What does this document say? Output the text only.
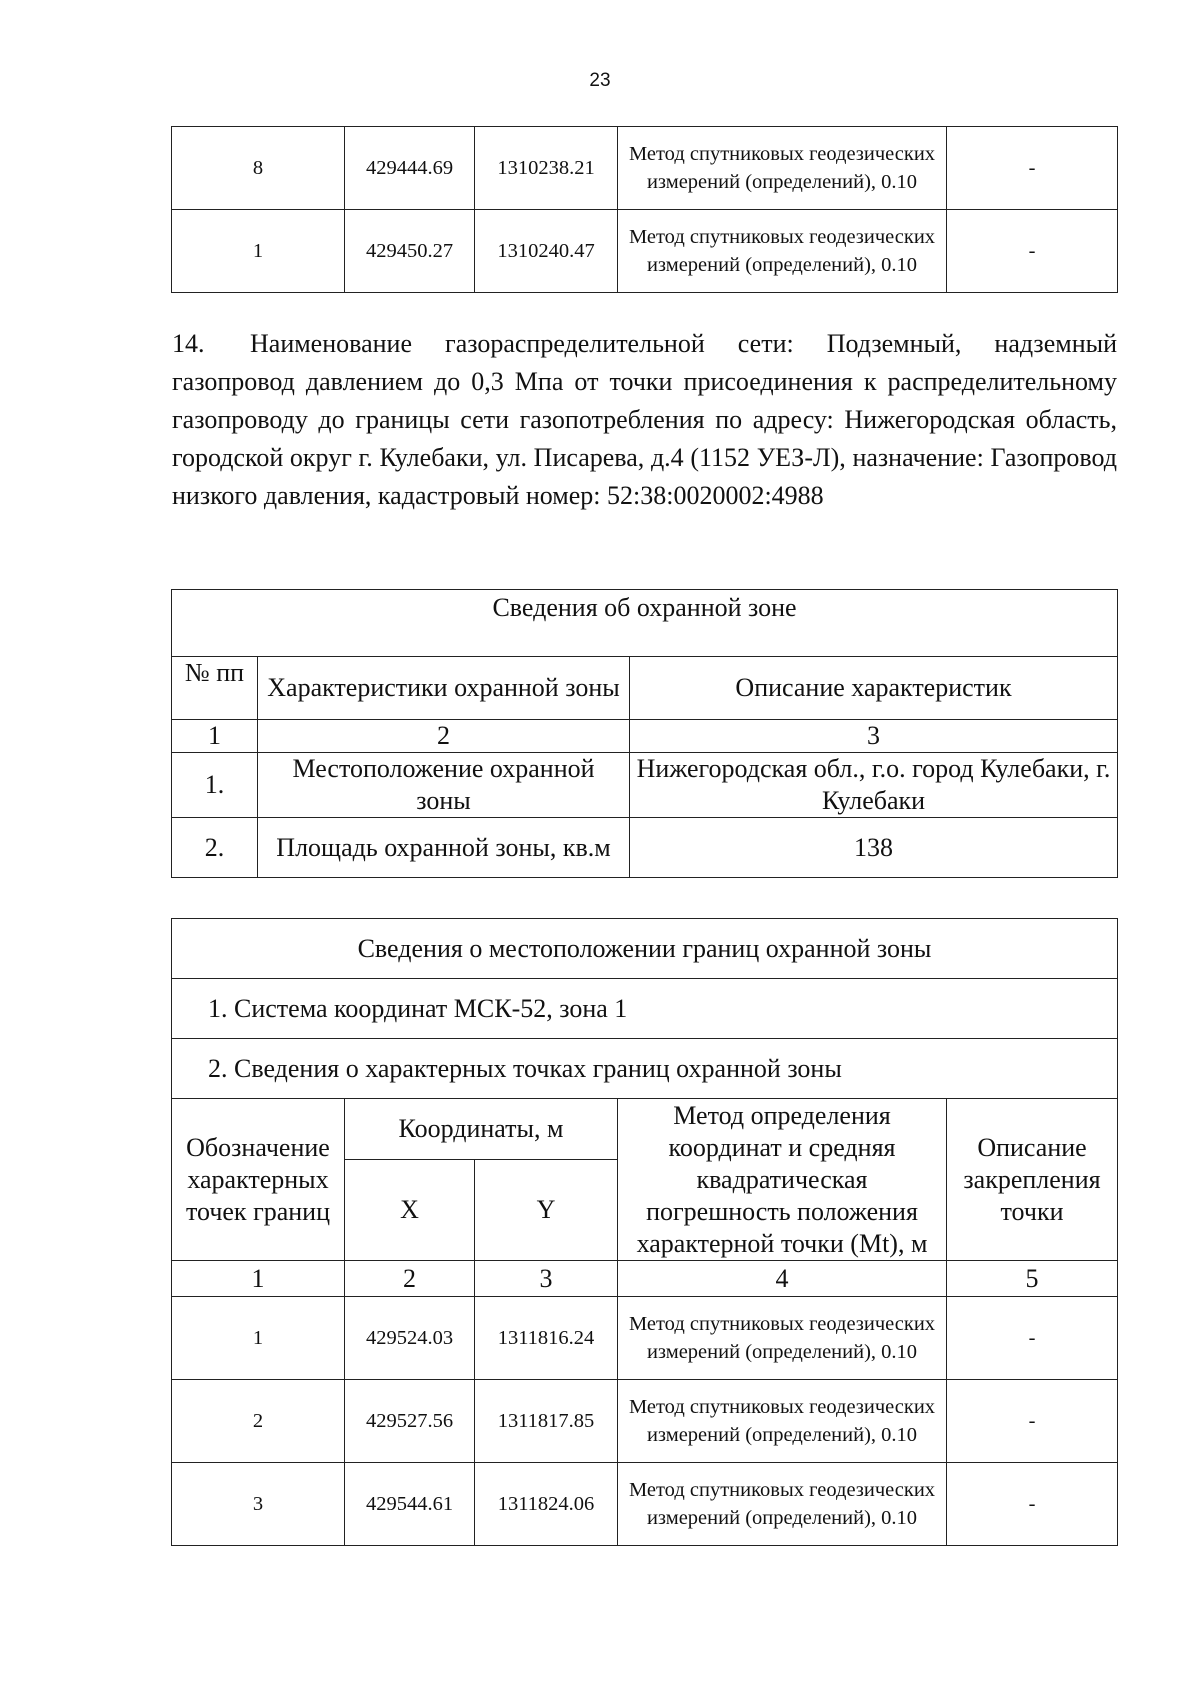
23
8	429444.69	1310238.21	Метод спутниковых геодезических измерений (определений), 0.10	-
1	429450.27	1310240.47	Метод спутниковых геодезических измерений (определений), 0.10	-
14. Наименование газораспределительной сети: Подземный, надземный газопровод давлением до 0,3 Мпа от точки присоединения к распределительному газопроводу до границы сети газопотребления по адресу: Нижегородская область, городской округ г. Кулебаки, ул. Писарева, д.4 (1152 УЕЗ-Л), назначение: Газопровод низкого давления, кадастровый номер: 52:38:0020002:4988
Сведения об охранной зоне		
№ пп	Характеристики охранной зоны	Описание характеристик
1	2	3
1.	Местоположение охранной зоны	Нижегородская обл., г.о. город Кулебаки, г. Кулебаки
2.	Площадь охранной зоны, кв.м	138
Сведения о местоположении границ охранной зоны				
1. Система координат МСК-52, зона 1				
2. Сведения о характерных точках границ охранной зоны				
Обозначение характерных точек границ	Координаты, м		Метод определения координат и средняя квадратическая погрешность положения характерной точки (Mt), м	Описание закрепления точки
	X	Y		
1	2	3	4	5
1	429524.03	1311816.24	Метод спутниковых геодезических измерений (определений), 0.10	-
2	429527.56	1311817.85	Метод спутниковых геодезических измерений (определений), 0.10	-
3	429544.61	1311824.06	Метод спутниковых геодезических измерений (определений), 0.10	-
